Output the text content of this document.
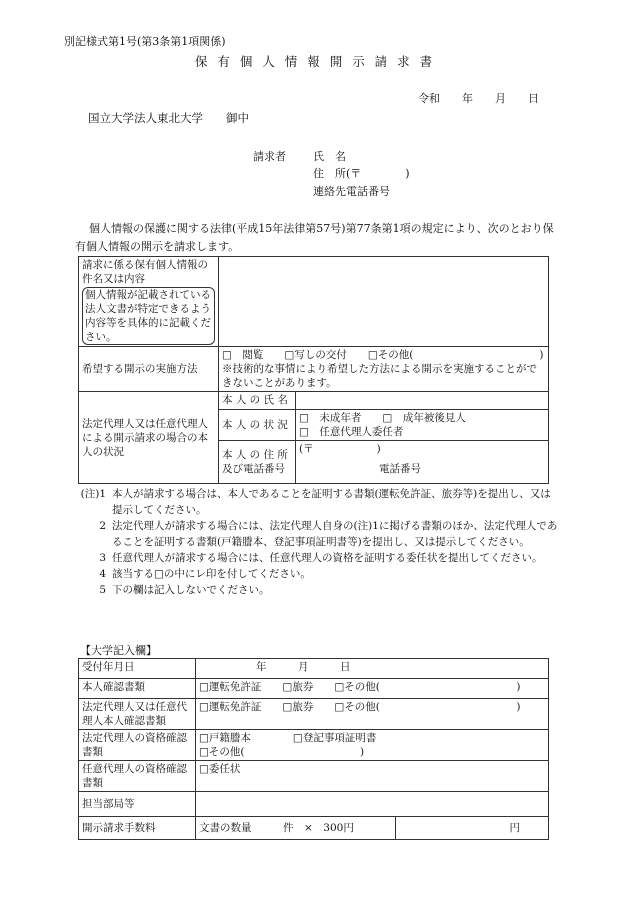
別記様式第1号(第3条第1項関係)
保 有 個 人 情 報 開 示 請 求 書
令和　　年　　月　　日
国立大学法人東北大学　　御中
請求者 氏　名
住　所(〒　　　　)
連絡先電話番号
個人情報の保護に関する法律(平成15年法律第57号)第77条第1項の規定により、次のとおり保有個人情報の開示を請求します。
請求に係る保有個人情報の件名又は内容
個人情報が記載されている法人文書が特定できるよう内容等を具体的に記載ください。		

希望する開示の実施方法	□　閲覧　　□写しの交付　　□その他(　　　　　　　　　　　　)
※技術的な事情により希望した方法による開示を実施することができないことがあります。	

法定代理人又は任意代理人による開示請求の場合の本人の状況	本 人 の 氏 名	
	本 人 の 状 況	□　未成年者　　□　成年被後見人
□　任意代理人委任者

	本 人 の 住 所 及び電話番号	(〒　　　　　　)
電話番号
(注)1 本人が請求する場合は、本人であることを証明する書類(運転免許証、旅券等)を提出し、又は提示してください。
2 法定代理人が請求する場合には、法定代理人自身の(注)1に掲げる書類のほか、法定代理人であることを証明する書類(戸籍謄本、登記事項証明書等)を提出し、又は提示してください。
3 任意代理人が請求する場合には、任意代理人の資格を証明する委任状を提出してください。
4 該当する□の中にレ印を付してください。
5 下の欄は記入しないでください。
【大学記入欄】
受付年月日	年　　　月　　　日	
本人確認書類	□運転免許証　　□旅券　　□その他(　　　　　　　　　　　　　)	
法定代理人又は任意代理人本人確認書類	□運転免許証　　□旅券　　□その他(　　　　　　　　　　　　　)	
法定代理人の資格確認書類	□戸籍謄本　　　　□登記事項証明書
□その他(　　　　　　　　　　　)	

任意代理人の資格確認書類	□委任状	
担当部局等		
開示請求手数料	文書の数量　　　件　×　300円	円
